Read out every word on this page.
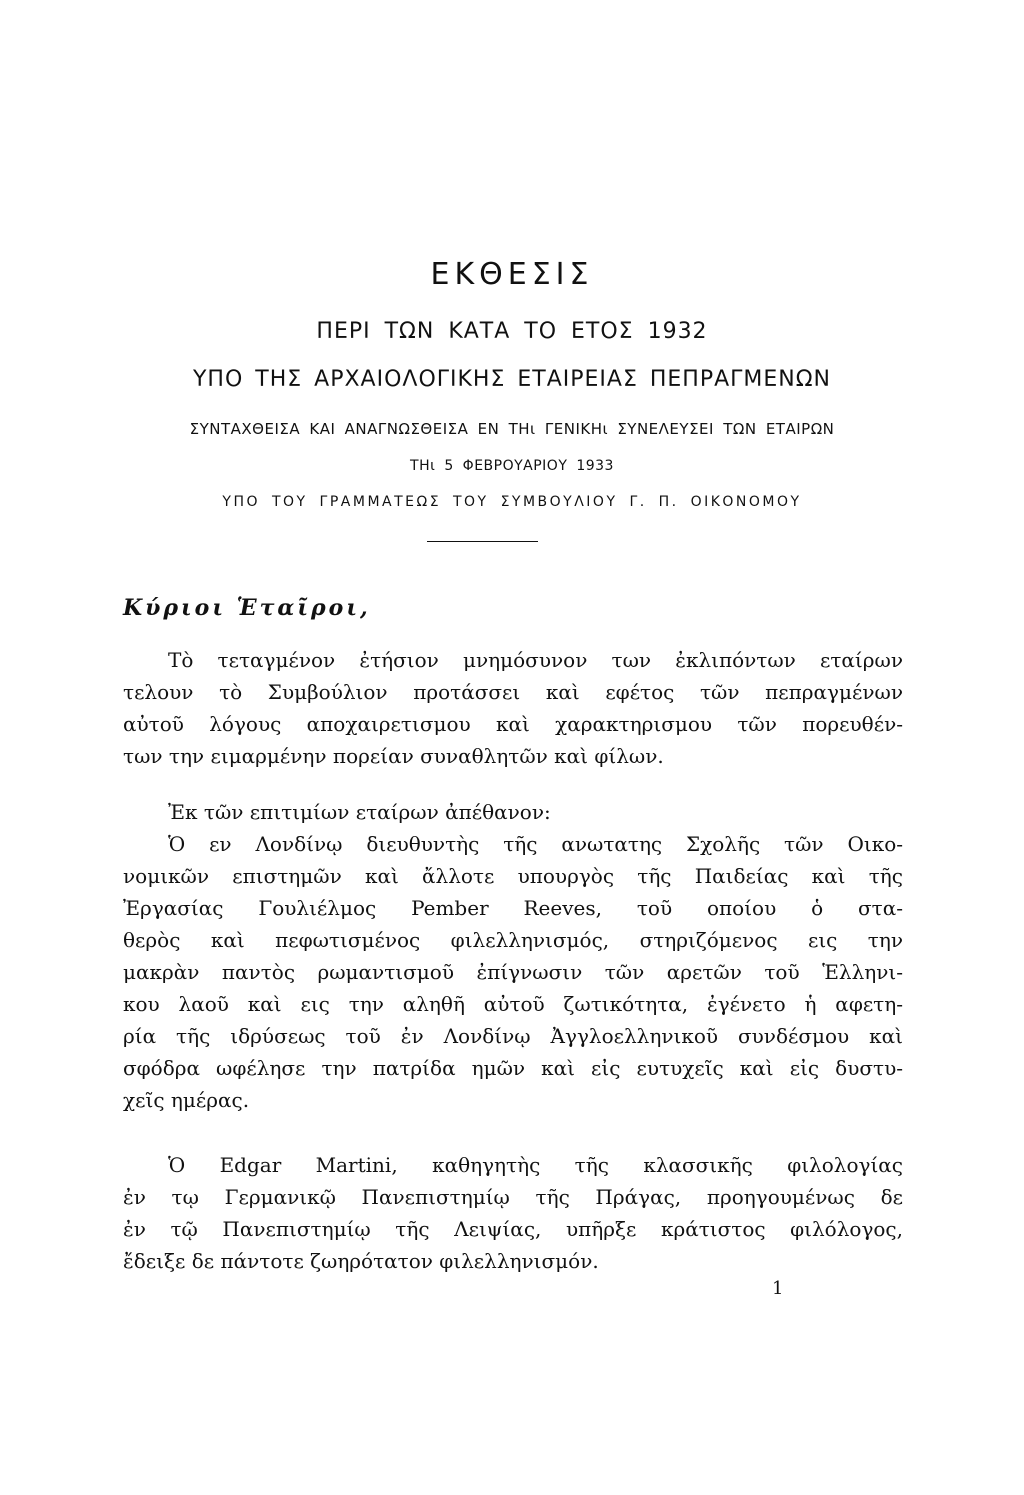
ΕΚΘΕΣΙΣ
ΠΕΡΙ ΤΩΝ ΚΑΤΑ ΤΟ ΕΤΟΣ 1932
ΥΠΟ ΤΗΣ ΑΡΧΑΙΟΛΟΓΙΚΗΣ ΕΤΑΙΡΕΙΑΣ ΠΕΠΡΑΓΜΕΝΩΝ
ΣΥΝΤΑΧΘΕΙΣΑ ΚΑΙ ΑΝΑΓΝΩΣΘΕΙΣΑ ΕΝ ΤΗι ΓΕΝΙΚΗι ΣΥΝΕΛΕΥΣΕΙ ΤΩΝ ΕΤΑΙΡΩΝ
ΤΗι 5 ΦΕΒΡΟΥΑΡΙΟΥ 1933
ΥΠΟ ΤΟΥ ΓΡΑΜΜΑΤΕΩΣ ΤΟΥ ΣΥΜΒΟΥΛΙΟΥ Γ. Π. ΟΙΚΟΝΟΜΟΥ
Κύριοι Ἑταῖροι,
Τὸ τεταγμένον ἐτήσιον μνημόσυνον των ἐκλιπόντων εταίρων
τελουν τὸ Συμβούλιον προτάσσει καὶ εφέτος τῶν πεπραγμένων
αὐτοῦ λόγους αποχαιρετισμου καὶ χαρακτηρισμου τῶν πορευθέν-
των την ειμαρμένην πορείαν συναθλητῶν καὶ φίλων.
Ἐκ τῶν επιτιμίων εταίρων ἀπέθανον:
Ὁ εν Λονδίνῳ διευθυντὴς τῆς ανωτατης Σχολῆς τῶν Οικο-
νομικῶν επιστημῶν καὶ ἄλλοτε υπουργὸς τῆς Παιδείας καὶ τῆς
Ἐργασίας Γουλιέλμος Pember Reeves, τοῦ οποίου ὁ στα-
θερὸς καὶ πεφωτισμένος φιλελληνισμός, στηριζόμενος εις την
μακρὰν παντὸς ρωμαντισμοῦ ἐπίγνωσιν τῶν αρετῶν τοῦ Ἑλληνι-
κου λαοῦ καὶ εις την αληθῆ αὐτοῦ ζωτικότητα, ἐγένετο ἡ αφετη-
ρία τῆς ιδρύσεως τοῦ ἐν Λονδίνῳ Ἀγγλοελληνικοῦ συνδέσμου καὶ
σφόδρα ωφέλησε την πατρίδα ημῶν καὶ εἰς ευτυχεῖς καὶ εἰς δυστυ-
χεῖς ημέρας.
Ὁ Edgar Martini, καθηγητὴς τῆς κλασσικῆς φιλολογίας
ἐν τῳ Γερμανικῷ Πανεπιστημίῳ τῆς Πράγας, προηγουμένως δε
ἐν τῷ Πανεπιστημίῳ τῆς Λειψίας, υπῆρξε κράτιστος φιλόλογος,
ἔδειξε δε πάντοτε ζωηρότατον φιλελληνισμόν.
1
